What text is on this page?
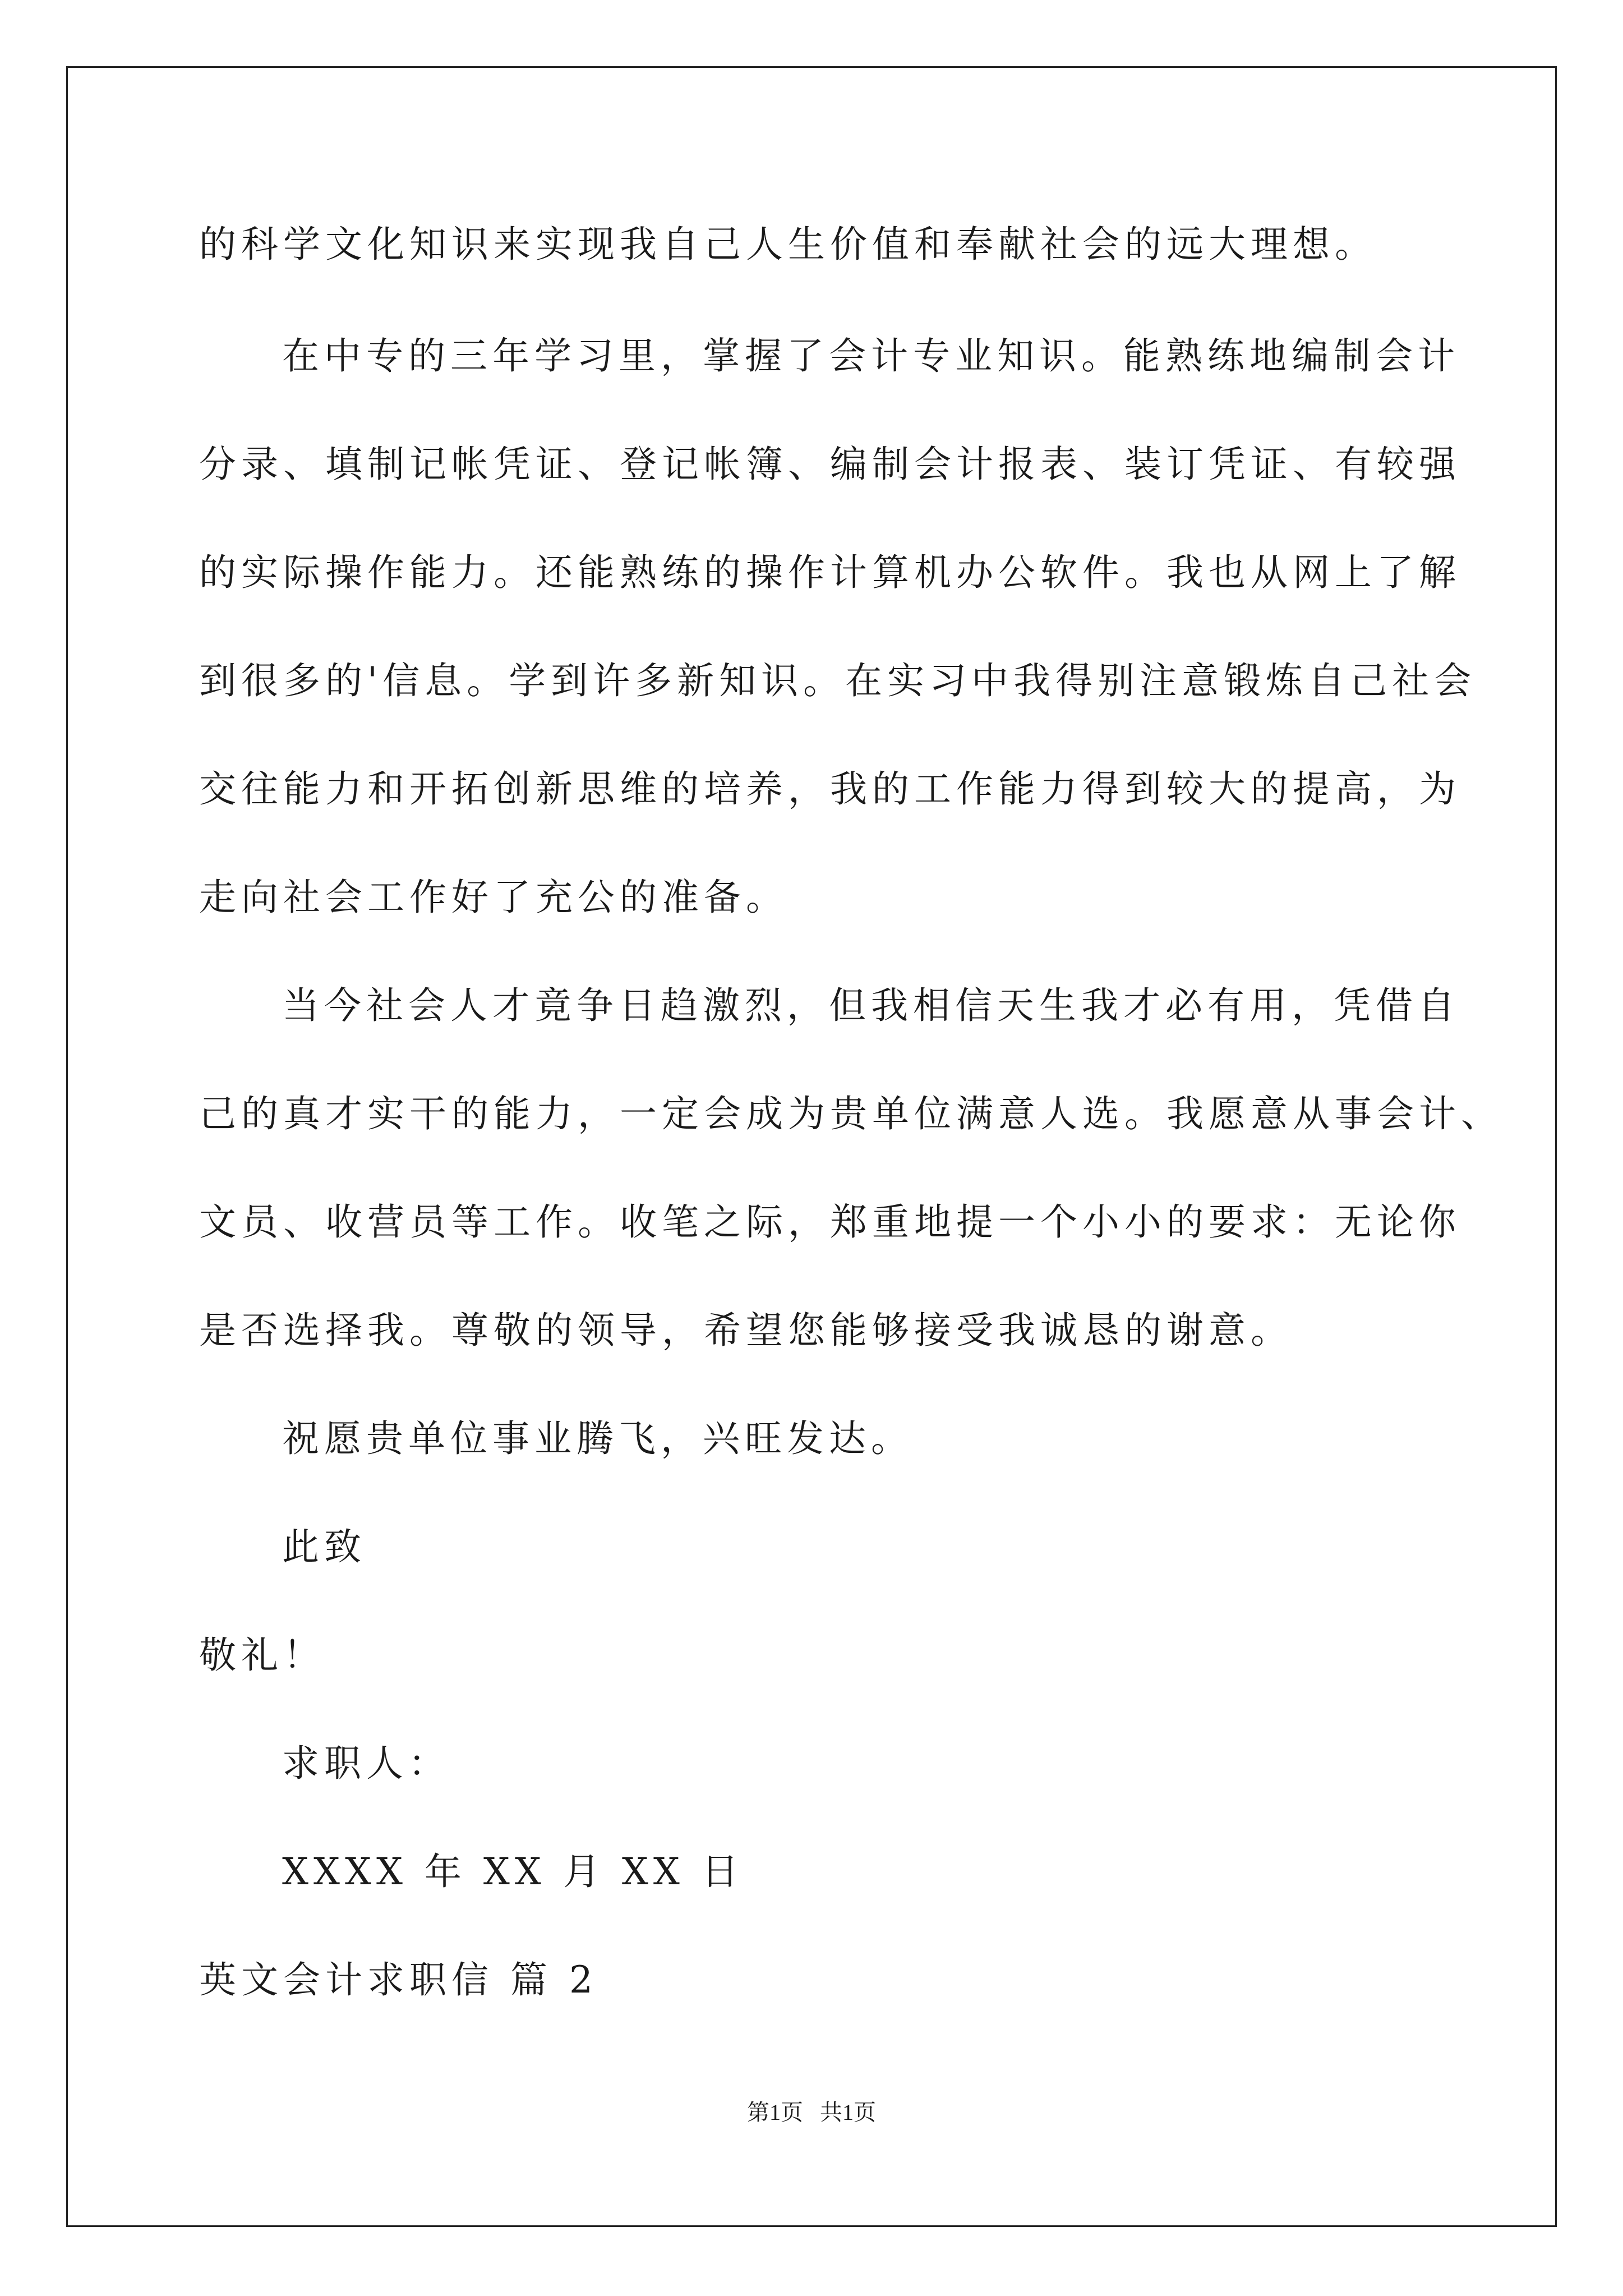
的科学文化知识来实现我自己人生价值和奉献社会的远大理想。
在中专的三年学习里，掌握了会计专业知识。能熟练地编制会计
分录、填制记帐凭证、登记帐簿、编制会计报表、装订凭证、有较强
的实际操作能力。还能熟练的操作计算机办公软件。我也从网上了解
到很多的'信息。学到许多新知识。在实习中我得别注意锻炼自己社会
交往能力和开拓创新思维的培养，我的工作能力得到较大的提高，为
走向社会工作好了充公的准备。
当今社会人才竟争日趋激烈，但我相信天生我才必有用，凭借自
己的真才实干的能力，一定会成为贵单位满意人选。我愿意从事会计、
文员、收营员等工作。收笔之际，郑重地提一个小小的要求：无论你
是否选择我。尊敬的领导，希望您能够接受我诚恳的谢意。
祝愿贵单位事业腾飞，兴旺发达。
此致
敬礼！
求职人：
XXXX 年 XX 月 XX 日
英文会计求职信 篇 2
第1页   共1页
